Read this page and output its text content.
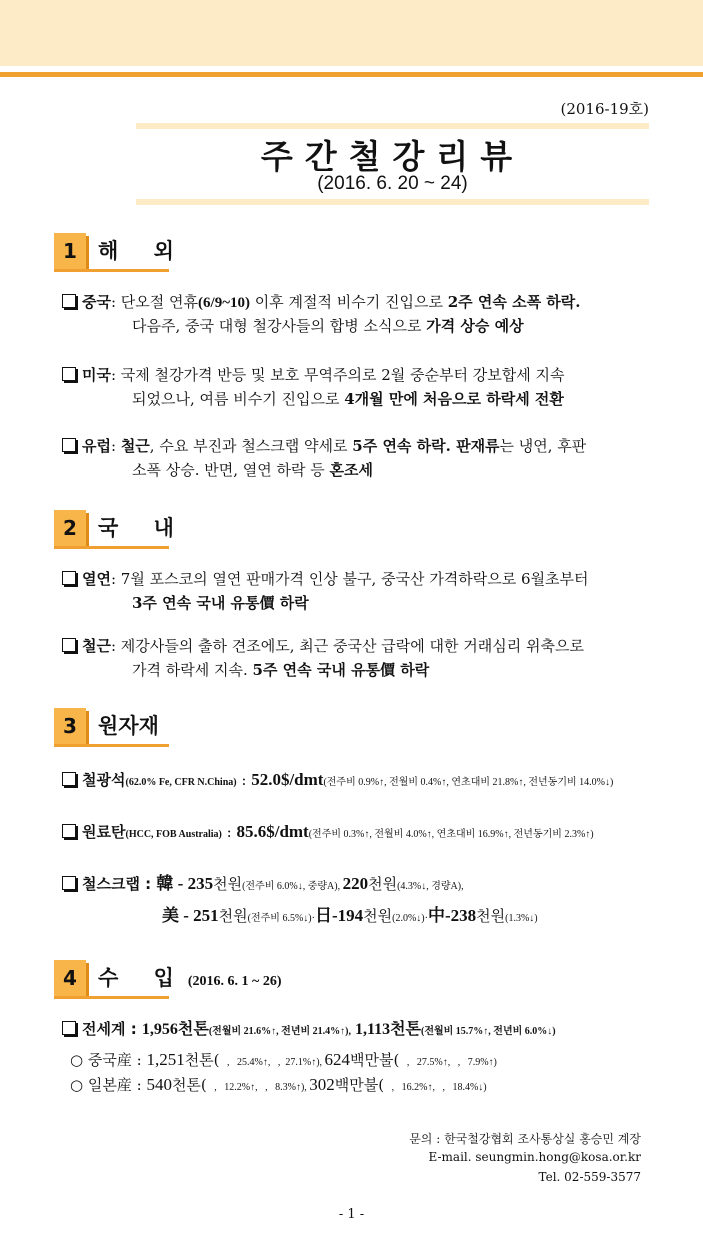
(2016-19호)
주간철강리뷰
(2016. 6. 20 ~ 24)
1	해 외
중국: 단오절 연휴(6/9~10) 이후 계절적 비수기 진입으로 2주 연속 소폭 하락.
다음주, 중국 대형 철강사들의 합병 소식으로 가격 상승 예상
미국: 국제 철강가격 반등 및 보호 무역주의로 2월 중순부터 강보합세 지속
되었으나, 여름 비수기 진입으로 4개월 만에 처음으로 하락세 전환
유럽: 철근, 수요 부진과 철스크랩 약세로 5주 연속 하락. 판재류는 냉연, 후판
소폭 상승. 반면, 열연 하락 등 혼조세
2	국 내
열연: 7월 포스코의 열연 판매가격 인상 불구, 중국산 가격하락으로 6월초부터
3주 연속 국내 유통價 하락
철근: 제강사들의 출하 견조에도, 최근 중국산 급락에 대한 거래심리 위축으로
가격 하락세 지속. 5주 연속 국내 유통價 하락
3	원자재
철광석(62.0% Fe, CFR N.China) : 52.0$/dmt(전주비 0.9%↑, 전월비 0.4%↑, 연초대비 21.8%↑, 전년동기비 14.0%↓)
원료탄(HCC, FOB Australia) : 85.6$/dmt(전주비 0.3%↑, 전월비 4.0%↑, 연초대비 16.9%↑, 전년동기비 2.3%↑)
철스크랩 : 韓 - 235천원(전주비 6.0%↓, 중량A), 220천원(4.3%↓, 경량A),
美 - 251천원(전주비 6.5%↓)·日-194천원(2.0%↓)·中-238천원(1.3%↓)
4	수 입(2016. 6. 1 ~ 26)
전세계 : 1,956천톤(전월비 21.6%↑, 전년비 21.4%↑), 1,113천톤(전월비 15.7%↑, 전년비 6.0%↓)
○ 중국産 : 1,251천톤(   ,   25.4%↑,   ,  27.1%↑), 624백만불(   ,   27.5%↑,   ,   7.9%↑)
○ 일본産 : 540천톤(   ,   12.2%↑,   ,   8.3%↑), 302백만불(   ,   16.2%↑,   ,   18.4%↓)
문의 : 한국철강협회 조사통상실 홍승민 계장
E-mail. seungmin.hong@kosa.or.kr
Tel. 02-559-3577
- 1 -
